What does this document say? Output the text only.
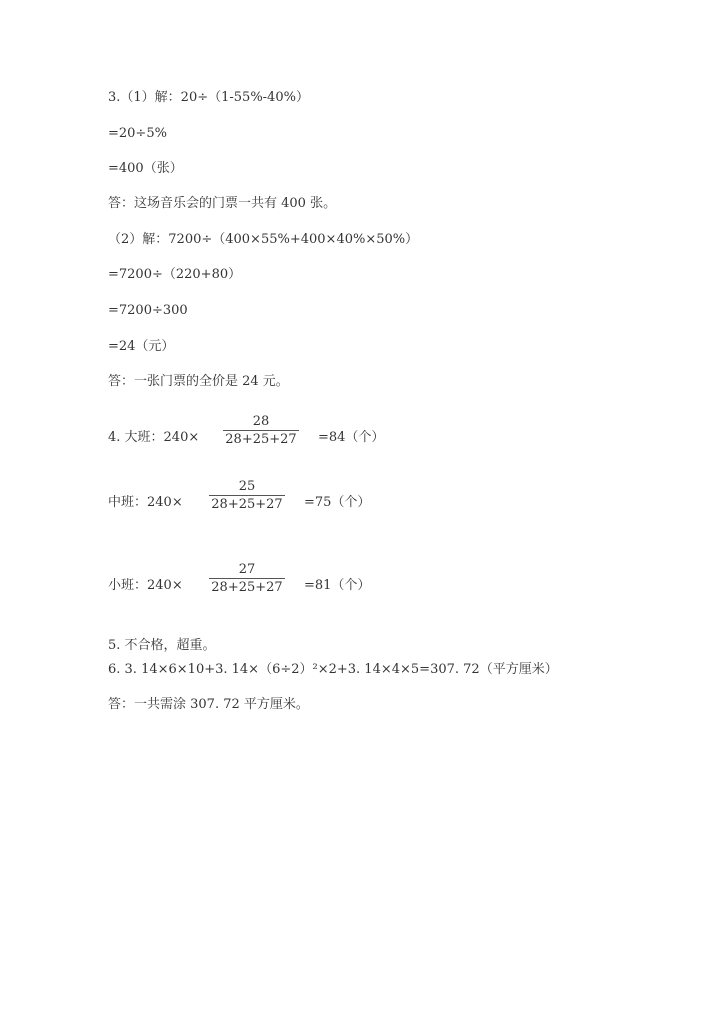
3.（1）解：20÷（1-55%-40%）
=20÷5%
=400（张）
答：这场音乐会的门票一共有 400 张。
（2）解：7200÷（400×55%+400×40%×50%）
=7200÷（220+80）
=7200÷300
=24（元）
答：一张门票的全价是 24 元。
4. 大班：240×
28
28+25+27 =84（个）
中班：240×
25
28+25+27 =75（个）
小班：240×
27
28+25+27 =81（个）
5. 不合格，超重。
6. 3. 14×6×10+3. 14×（6÷2）²×2+3. 14×4×5=307. 72（平方厘米）
答：一共需涂 307. 72 平方厘米。
